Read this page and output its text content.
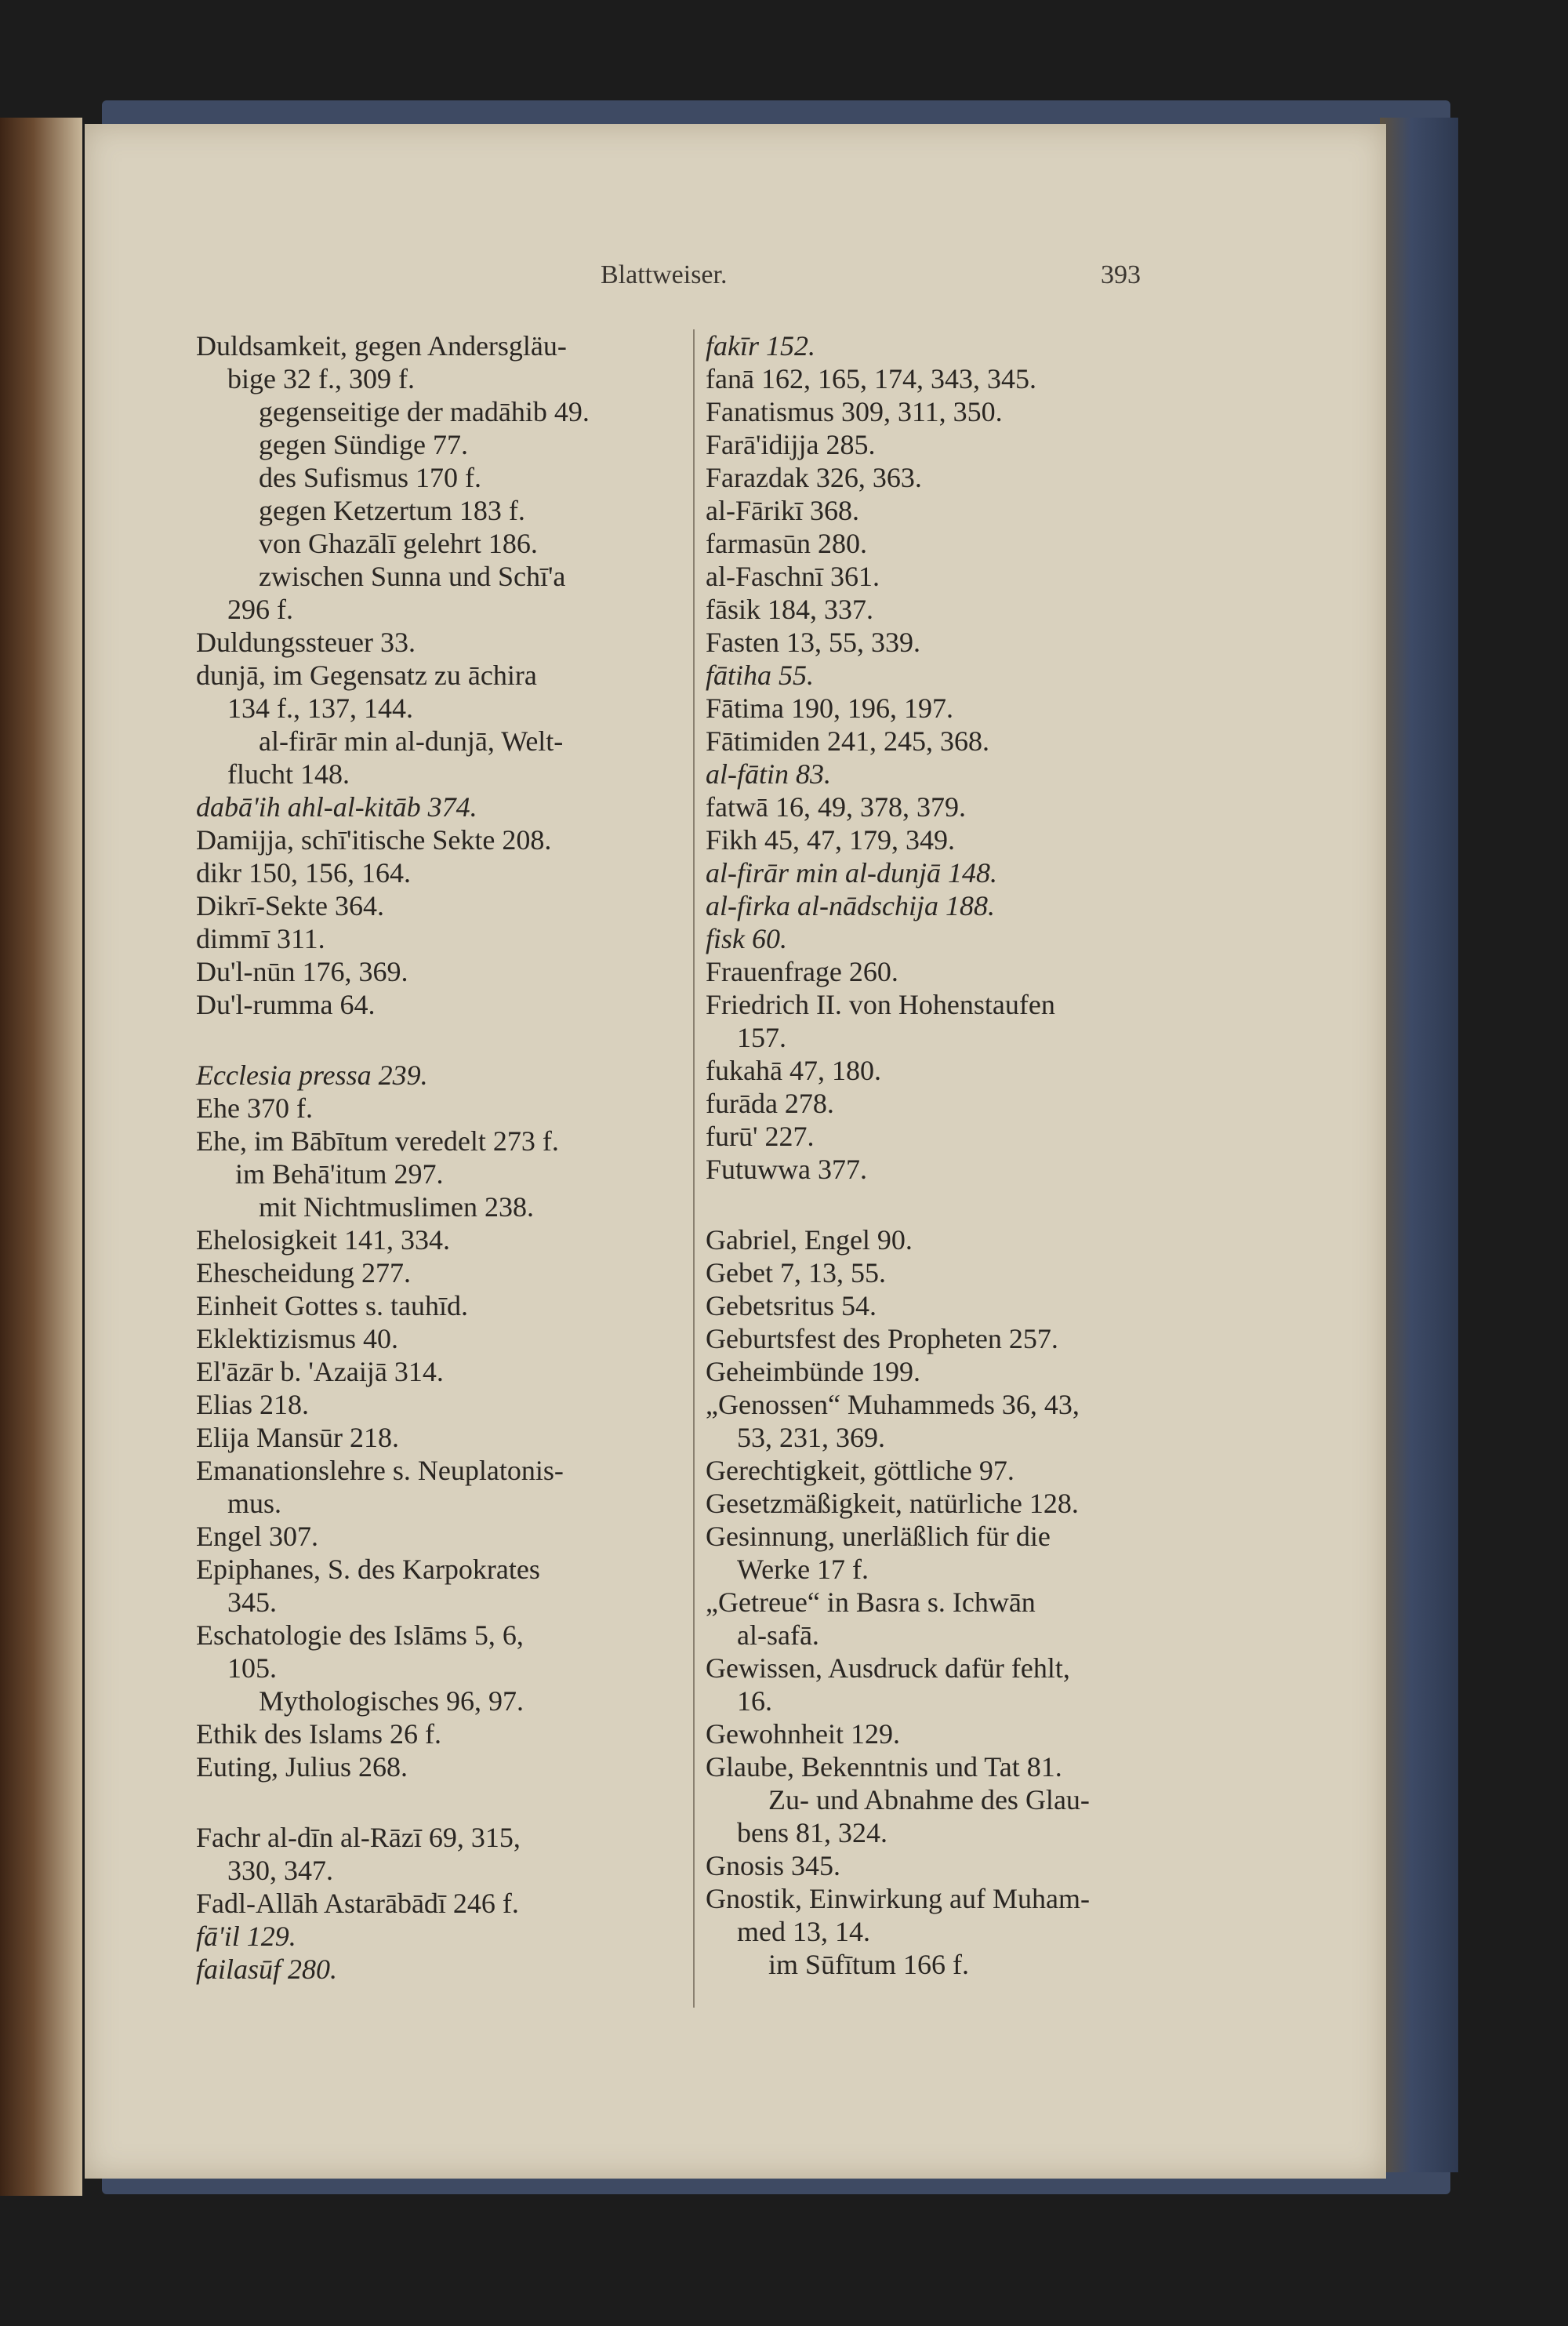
Blattweiser.	393
Duldsamkeit, gegen Andersgläu-
bige 32 f., 309 f.
gegenseitige der madāhib 49.
gegen Sündige 77.
des Sufismus 170 f.
gegen Ketzertum 183 f.
von Ghazālī gelehrt 186.
zwischen Sunna und Schī'a
296 f.
Duldungssteuer 33.
dunjā, im Gegensatz zu āchira
134 f., 137, 144.
al-firār min al-dunjā, Welt-
flucht 148.
dabā'ih ahl-al-kitāb 374.
Damijja, schī'itische Sekte 208.
dikr 150, 156, 164.
Dikrī-Sekte 364.
dimmī 311.
Du'l-nūn 176, 369.
Du'l-rumma 64.
Ecclesia pressa 239.
Ehe 370 f.
Ehe, im Bābītum veredelt 273 f.
im Behā'itum 297.
mit Nichtmuslimen 238.
Ehelosigkeit 141, 334.
Ehescheidung 277.
Einheit Gottes s. tauhīd.
Eklektizismus 40.
El'āzār b. 'Azaijā 314.
Elias 218.
Elija Mansūr 218.
Emanationslehre s. Neuplatonis-
mus.
Engel 307.
Epiphanes, S. des Karpokrates
345.
Eschatologie des Islāms 5, 6,
105.
Mythologisches 96, 97.
Ethik des Islams 26 f.
Euting, Julius 268.
Fachr al-dīn al-Rāzī 69, 315,
330, 347.
Fadl-Allāh Astarābādī 246 f.
fā'il 129.
failasūf 280.
fakīr 152.
fanā 162, 165, 174, 343, 345.
Fanatismus 309, 311, 350.
Farā'idijja 285.
Farazdak 326, 363.
al-Fārikī 368.
farmasūn 280.
al-Faschnī 361.
fāsik 184, 337.
Fasten 13, 55, 339.
fātiha 55.
Fātima 190, 196, 197.
Fātimiden 241, 245, 368.
al-fātin 83.
fatwā 16, 49, 378, 379.
Fikh 45, 47, 179, 349.
al-firār min al-dunjā 148.
al-firka al-nādschija 188.
fisk 60.
Frauenfrage 260.
Friedrich II. von Hohenstaufen
157.
fukahā 47, 180.
furāda 278.
furū' 227.
Futuwwa 377.
Gabriel, Engel 90.
Gebet 7, 13, 55.
Gebetsritus 54.
Geburtsfest des Propheten 257.
Geheimbünde 199.
„Genossen“ Muhammeds 36, 43,
53, 231, 369.
Gerechtigkeit, göttliche 97.
Gesetzmäßigkeit, natürliche 128.
Gesinnung, unerläßlich für die
Werke 17 f.
„Getreue“ in Basra s. Ichwān
al-safā.
Gewissen, Ausdruck dafür fehlt,
16.
Gewohnheit 129.
Glaube, Bekenntnis und Tat 81.
Zu- und Abnahme des Glau-
bens 81, 324.
Gnosis 345.
Gnostik, Einwirkung auf Muham-
med 13, 14.
im Sūfītum 166 f.
